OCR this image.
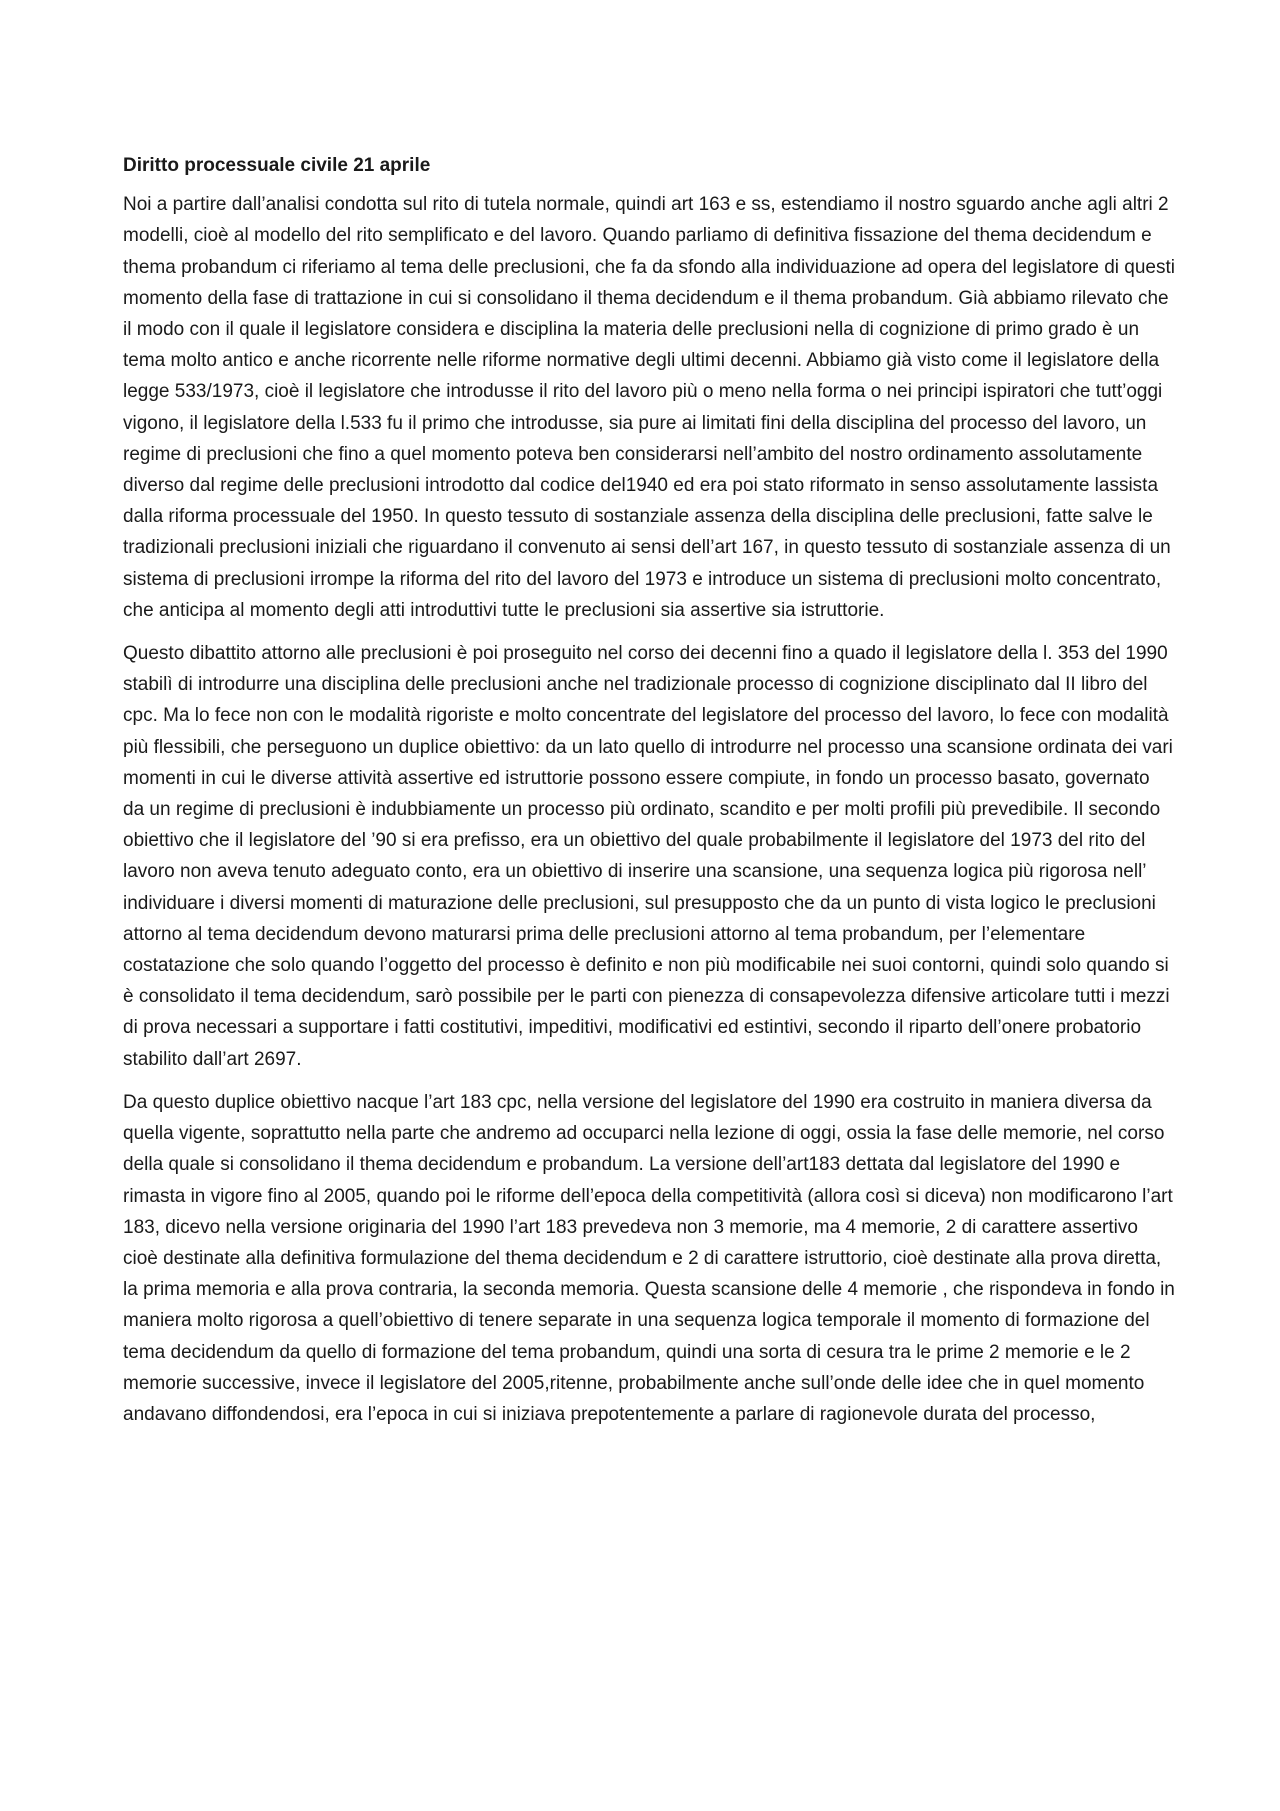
Diritto processuale civile 21 aprile

Noi a partire dall’analisi condotta sul rito di tutela normale, quindi art 163 e ss, estendiamo il nostro sguardo anche agli altri 2 modelli, cioè al modello del rito semplificato e del lavoro. Quando parliamo di definitiva fissazione del thema decidendum e thema probandum ci riferiamo al tema delle preclusioni, che fa da sfondo alla individuazione ad opera del legislatore di questi momento della fase di trattazione in cui si consolidano il thema decidendum e il thema probandum. Già abbiamo rilevato che il modo con il quale il legislatore considera e disciplina la materia delle preclusioni nella di cognizione di primo grado è un tema molto antico e anche ricorrente nelle riforme normative degli ultimi decenni. Abbiamo già visto come il legislatore della legge 533/1973, cioè il legislatore che introdusse il rito del lavoro più o meno nella forma o nei principi ispiratori che tutt’oggi vigono, il legislatore della l.533 fu il primo che introdusse, sia pure ai limitati fini della disciplina del processo del lavoro, un regime di preclusioni che fino a quel momento poteva ben considerarsi nell’ambito del nostro ordinamento assolutamente diverso dal regime delle preclusioni introdotto dal codice del1940 ed era poi stato riformato in senso assolutamente lassista dalla riforma processuale del 1950. In questo tessuto di sostanziale assenza della disciplina delle preclusioni, fatte salve le tradizionali preclusioni iniziali che riguardano il convenuto ai sensi dell’art 167, in questo tessuto di sostanziale assenza di un sistema di preclusioni irrompe la riforma del rito del lavoro del 1973 e introduce un sistema di preclusioni molto concentrato, che anticipa al momento degli atti introduttivi tutte le preclusioni sia assertive sia istruttorie.

Questo dibattito attorno alle preclusioni è poi proseguito nel corso dei decenni fino a quado il legislatore della l. 353 del 1990 stabilì di introdurre una disciplina delle preclusioni anche nel tradizionale processo di cognizione disciplinato dal II libro del cpc. Ma lo fece non con le modalità rigoriste e molto concentrate del legislatore del processo del lavoro, lo fece con modalità più flessibili, che perseguono un duplice obiettivo: da un lato quello di introdurre nel processo una scansione ordinata dei vari momenti in cui le diverse attività assertive ed istruttorie possono essere compiute, in fondo un processo basato, governato da un regime di preclusioni è indubbiamente un processo più ordinato, scandito e per molti profili più prevedibile. Il secondo obiettivo che il legislatore del ’90 si era prefisso, era un obiettivo del quale probabilmente il legislatore del 1973 del rito del lavoro non aveva tenuto adeguato conto, era un obiettivo di inserire una scansione, una sequenza logica più rigorosa nell’ individuare i diversi momenti di maturazione delle preclusioni, sul presupposto che da un punto di vista logico le preclusioni attorno al tema decidendum devono maturarsi prima delle preclusioni attorno al tema probandum, per l’elementare costatazione che solo quando l’oggetto del processo è definito e non più modificabile nei suoi contorni, quindi solo quando si è consolidato il tema decidendum, sarò possibile per le parti con pienezza di consapevolezza difensive articolare tutti i mezzi di prova necessari a supportare i fatti costitutivi, impeditivi, modificativi ed estintivi, secondo il riparto dell’onere probatorio stabilito dall’art 2697.

Da questo duplice obiettivo nacque l’art 183 cpc, nella versione del legislatore del 1990 era costruito in maniera diversa da quella vigente, soprattutto nella parte che andremo ad occuparci nella lezione di oggi, ossia la fase delle memorie, nel corso della quale si consolidano il thema decidendum e probandum. La versione dell’art183 dettata dal legislatore del 1990 e rimasta in vigore fino al 2005, quando poi le riforme dell’epoca della competitività (allora così si diceva) non modificarono l’art 183, dicevo nella versione originaria del 1990 l’art 183 prevedeva non 3 memorie, ma 4 memorie, 2 di carattere assertivo cioè destinate alla definitiva formulazione del thema decidendum e 2 di carattere istruttorio, cioè destinate alla prova diretta, la prima memoria e alla prova contraria, la seconda memoria. Questa scansione delle 4 memorie , che rispondeva in fondo in maniera molto rigorosa a quell’obiettivo di tenere separate in una sequenza logica temporale il momento di formazione del tema decidendum da quello di formazione del tema probandum, quindi una sorta di cesura tra le prime 2 memorie e le 2 memorie successive, invece il legislatore del 2005,ritenne, probabilmente anche sull’onde delle idee che in quel momento andavano diffondendosi, era l’epoca in cui si iniziava prepotentemente a parlare di ragionevole durata del processo,
